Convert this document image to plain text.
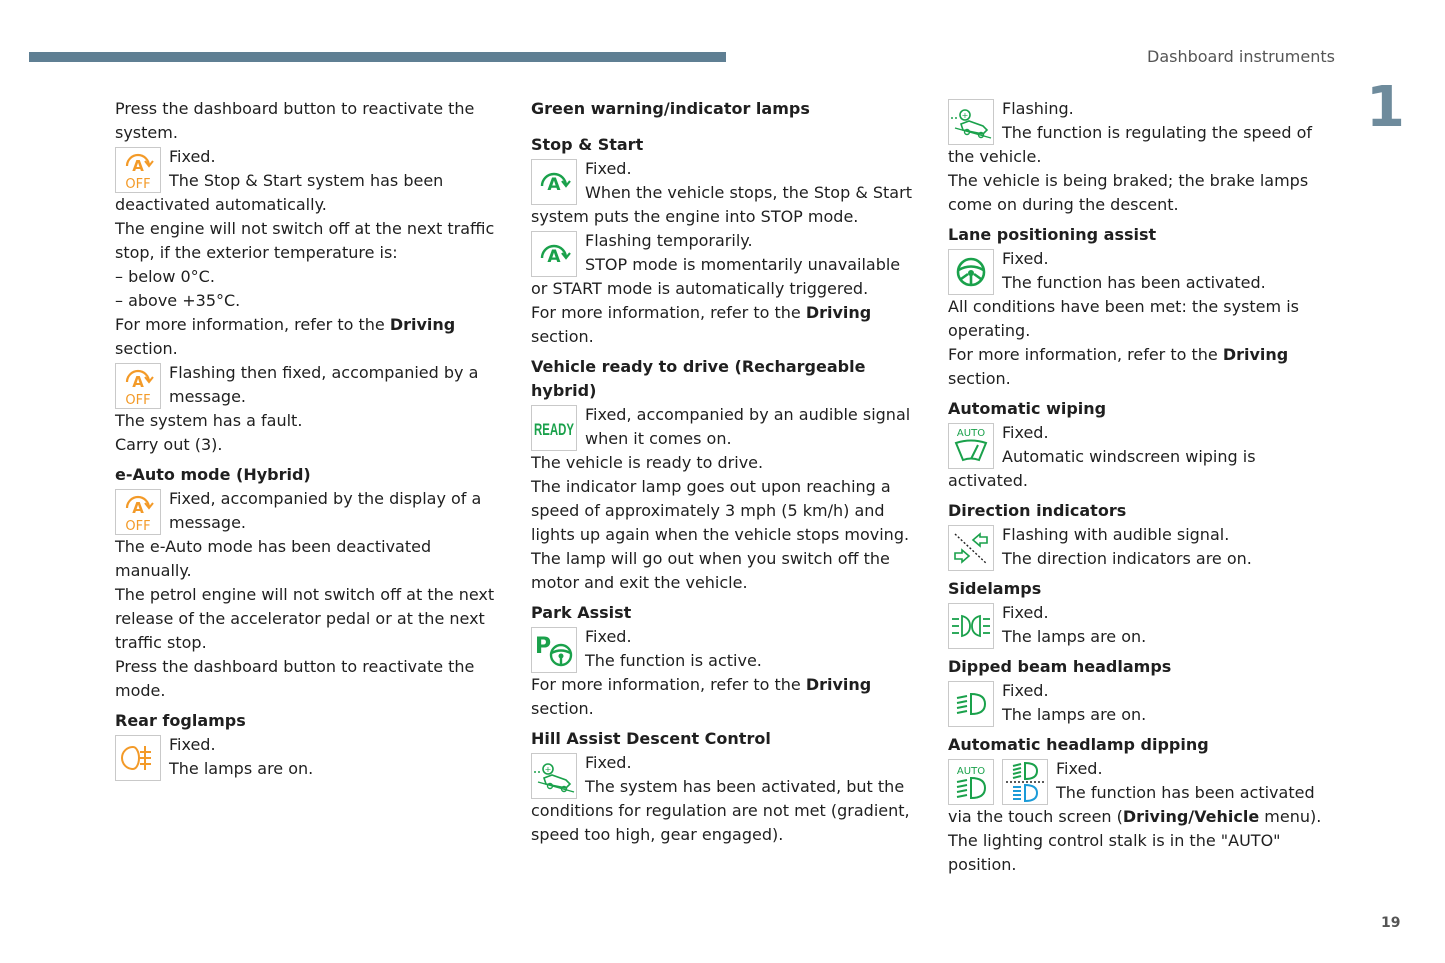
Dashboard instruments
1
19

Press the dashboard button to reactivate the system.

A
OFF

Fixed.

The Stop & Start system has been deactivated automatically.

The engine will not switch off at the next traffic stop, if the exterior temperature is:

– below 0°C.

– above +35°C.

For more information, refer to the Driving
section.

A
OFF

Flashing then fixed, accompanied by a message.

The system has a fault.

Carry out (3).

e-Auto mode (Hybrid)

A
OFF

Fixed, accompanied by the display of a message.

The e-Auto mode has been deactivated manually.

The petrol engine will not switch off at the next release of the accelerator pedal or at the next traffic stop.

Press the dashboard button to reactivate the mode.

Rear foglamps

Fixed.

The lamps are on.

Green warning/indicator lamps

Stop & Start

A

Fixed.

When the vehicle stops, the Stop & Start system puts the engine into STOP mode.

A

Flashing temporarily.

STOP mode is momentarily unavailable or START mode is automatically triggered.

For more information, refer to the Driving
section.

Vehicle ready to drive (Rechargeable hybrid)

READY

Fixed, accompanied by an audible signal when it comes on.

The vehicle is ready to drive.

The indicator lamp goes out upon reaching a speed of approximately 3 mph (5 km/h) and lights up again when the vehicle stops moving.

The lamp will go out when you switch off the motor and exit the vehicle.

Park Assist

P	Fixed.

The function is active.

For more information, refer to the Driving
section.

Hill Assist Descent Control

+	Fixed.

The system has been activated, but the conditions for regulation are not met (gradient, speed too high, gear engaged).

+	Flashing.

The function is regulating the speed of the vehicle.

The vehicle is being braked; the brake lamps come on during the descent.

Lane positioning assist

Fixed.

The function has been activated.

All conditions have been met: the system is operating.

For more information, refer to the Driving
section.

Automatic wiping

AUTO	Fixed.

Automatic windscreen wiping is activated.

Direction indicators

Flashing with audible signal.

The direction indicators are on.

Sidelamps

Fixed.

The lamps are on.

Dipped beam headlamps

Fixed.

The lamps are on.

Automatic headlamp dipping

AUTO	Fixed.

The function has been activated via the touch screen (Driving/Vehicle menu).

The lighting control stalk is in the "AUTO" position.
